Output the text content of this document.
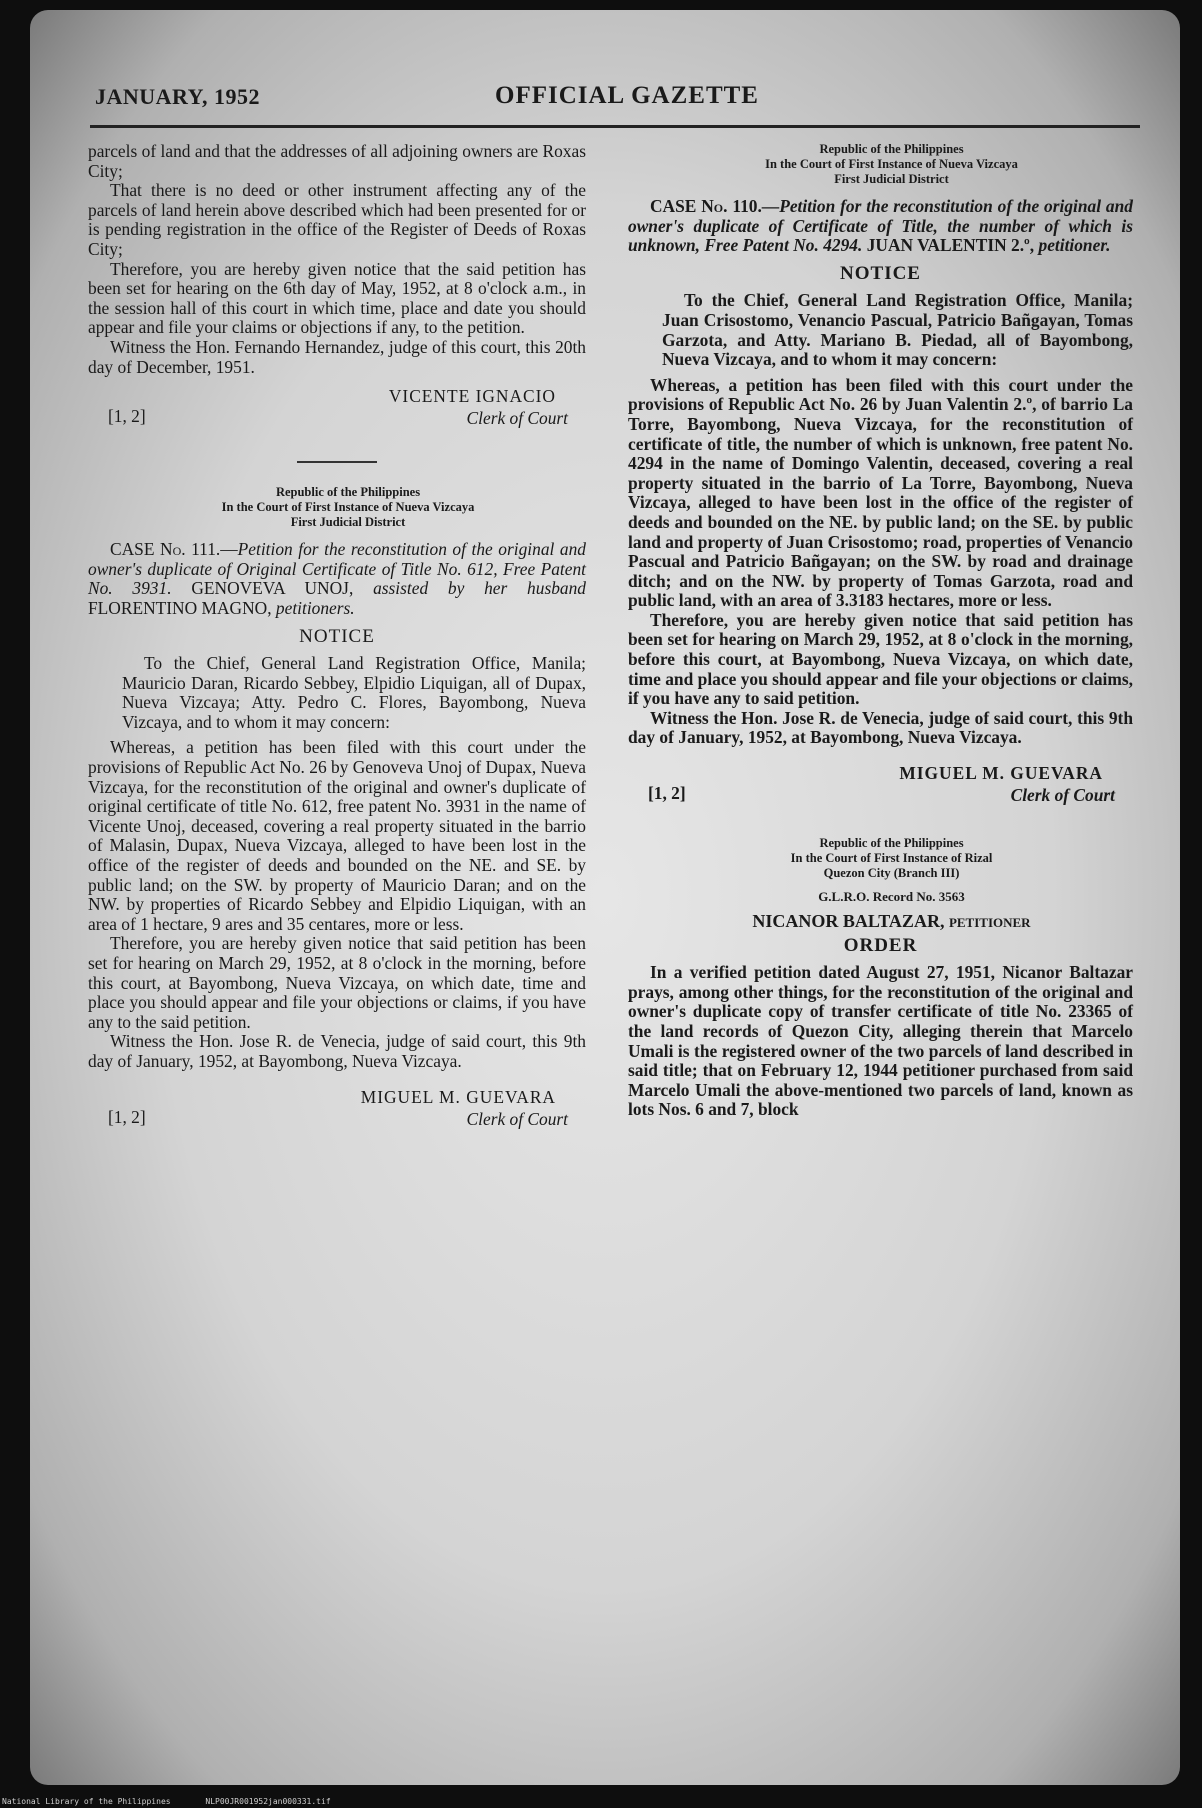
JANUARY, 1952	OFFICIAL GAZETTE

parcels of land and that the addresses of all adjoining owners are Roxas City;

That there is no deed or other instrument affecting any of the parcels of land herein above described which had been presented for or is pending registration in the office of the Register of Deeds of Roxas City;

Therefore, you are hereby given notice that the said petition has been set for hearing on the 6th day of May, 1952, at 8 o'clock a.m., in the session hall of this court in which time, place and date you should appear and file your claims or objections if any, to the petition.

Witness the Hon. Fernando Hernandez, judge of this court, this 20th day of December, 1951.

VICENTE IGNACIO
Clerk of Court
[1, 2]

Republic of the Philippines

In the Court of First Instance of Nueva Vizcaya

First Judicial District

CASE No. 111.—Petition for the reconstitution of the original and owner's duplicate of Original Certificate of Title No. 612, Free Patent No. 3931. GENOVEVA UNOJ, assisted by her husband FLORENTINO MAGNO, petitioners.

NOTICE

To the Chief, General Land Registration Office, Manila; Mauricio Daran, Ricardo Sebbey, Elpidio Liquigan, all of Dupax, Nueva Vizcaya; Atty. Pedro C. Flores, Bayombong, Nueva Vizcaya, and to whom it may concern:

Whereas, a petition has been filed with this court under the provisions of Republic Act No. 26 by Genoveva Unoj of Dupax, Nueva Vizcaya, for the reconstitution of the original and owner's duplicate of original certificate of title No. 612, free patent No. 3931 in the name of Vicente Unoj, deceased, covering a real property situated in the barrio of Malasin, Dupax, Nueva Vizcaya, alleged to have been lost in the office of the register of deeds and bounded on the NE. and SE. by public land; on the SW. by property of Mauricio Daran; and on the NW. by properties of Ricardo Sebbey and Elpidio Liquigan, with an area of 1 hectare, 9 ares and 35 centares, more or less.

Therefore, you are hereby given notice that said petition has been set for hearing on March 29, 1952, at 8 o'clock in the morning, before this court, at Bayombong, Nueva Vizcaya, on which date, time and place you should appear and file your objections or claims, if you have any to the said petition.

Witness the Hon. Jose R. de Venecia, judge of said court, this 9th day of January, 1952, at Bayombong, Nueva Vizcaya.

MIGUEL M. GUEVARA
Clerk of Court
[1, 2]

Republic of the Philippines

In the Court of First Instance of Nueva Vizcaya

First Judicial District

CASE No. 110.—Petition for the reconstitution of the original and owner's duplicate of Certificate of Title, the number of which is unknown, Free Patent No. 4294. JUAN VALENTIN 2.º, petitioner.

NOTICE

To the Chief, General Land Registration Office, Manila; Juan Crisostomo, Venancio Pascual, Patricio Bañgayan, Tomas Garzota, and Atty. Mariano B. Piedad, all of Bayombong, Nueva Vizcaya, and to whom it may concern:

Whereas, a petition has been filed with this court under the provisions of Republic Act No. 26 by Juan Valentin 2.º, of barrio La Torre, Bayombong, Nueva Vizcaya, for the reconstitution of certificate of title, the number of which is unknown, free patent No. 4294 in the name of Domingo Valentin, deceased, covering a real property situated in the barrio of La Torre, Bayombong, Nueva Vizcaya, alleged to have been lost in the office of the register of deeds and bounded on the NE. by public land; on the SE. by public land and property of Juan Crisostomo; road, properties of Venancio Pascual and Patricio Bañgayan; on the SW. by road and drainage ditch; and on the NW. by property of Tomas Garzota, road and public land, with an area of 3.3183 hectares, more or less.

Therefore, you are hereby given notice that said petition has been set for hearing on March 29, 1952, at 8 o'clock in the morning, before this court, at Bayombong, Nueva Vizcaya, on which date, time and place you should appear and file your objections or claims, if you have any to said petition.

Witness the Hon. Jose R. de Venecia, judge of said court, this 9th day of January, 1952, at Bayombong, Nueva Vizcaya.

MIGUEL M. GUEVARA
Clerk of Court
[1, 2]

Republic of the Philippines

In the Court of First Instance of Rizal

Quezon City (Branch III)

G.L.R.O. Record No. 3563

NICANOR BALTAZAR, petitioner

ORDER

In a verified petition dated August 27, 1951, Nicanor Baltazar prays, among other things, for the reconstitution of the original and owner's duplicate copy of transfer certificate of title No. 23365 of the land records of Quezon City, alleging therein that Marcelo Umali is the registered owner of the two parcels of land described in said title; that on February 12, 1944 petitioner purchased from said Marcelo Umali the above-mentioned two parcels of land, known as lots Nos. 6 and 7, block

National Library of the Philippines	NLP00JR001952jan000331.tif
